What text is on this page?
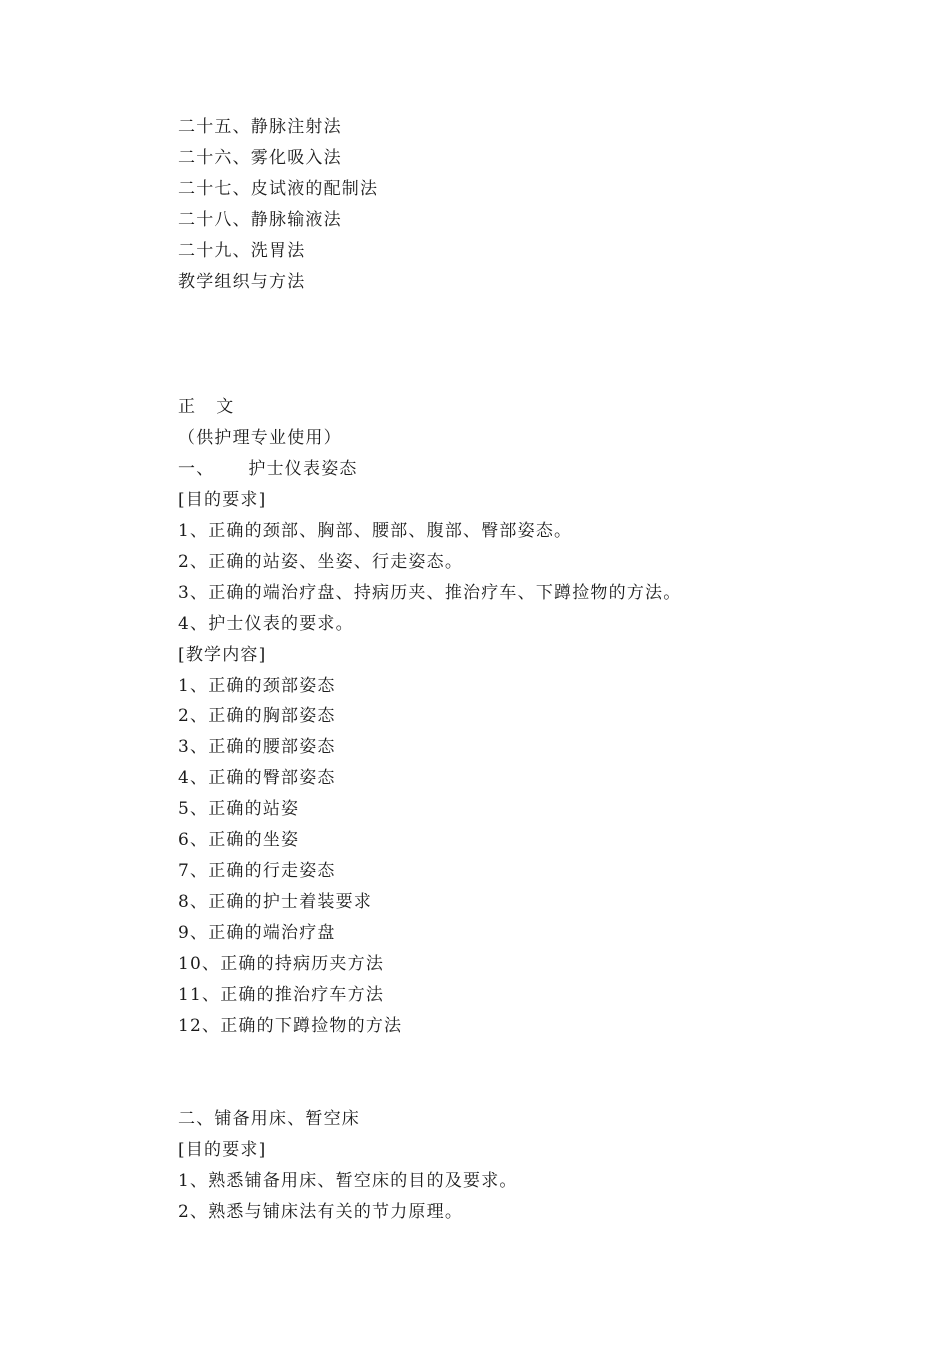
二十五、静脉注射法
二十六、雾化吸入法
二十七、皮试液的配制法
二十八、静脉输液法
二十九、洗胃法
教学组织与方法
正 文
（供护理专业使用）
一、 护士仪表姿态
[目的要求]
1、正确的颈部、胸部、腰部、腹部、臀部姿态。
2、正确的站姿、坐姿、行走姿态。
3、正确的端治疗盘、持病历夹、推治疗车、下蹲捡物的方法。
4、护士仪表的要求。
[教学内容]
1、正确的颈部姿态
2、正确的胸部姿态
3、正确的腰部姿态
4、正确的臀部姿态
5、正确的站姿
6、正确的坐姿
7、正确的行走姿态
8、正确的护士着装要求
9、正确的端治疗盘
10、正确的持病历夹方法
11、正确的推治疗车方法
12、正确的下蹲捡物的方法
二、铺备用床、暂空床
[目的要求]
1、熟悉铺备用床、暂空床的目的及要求。
2、熟悉与铺床法有关的节力原理。
